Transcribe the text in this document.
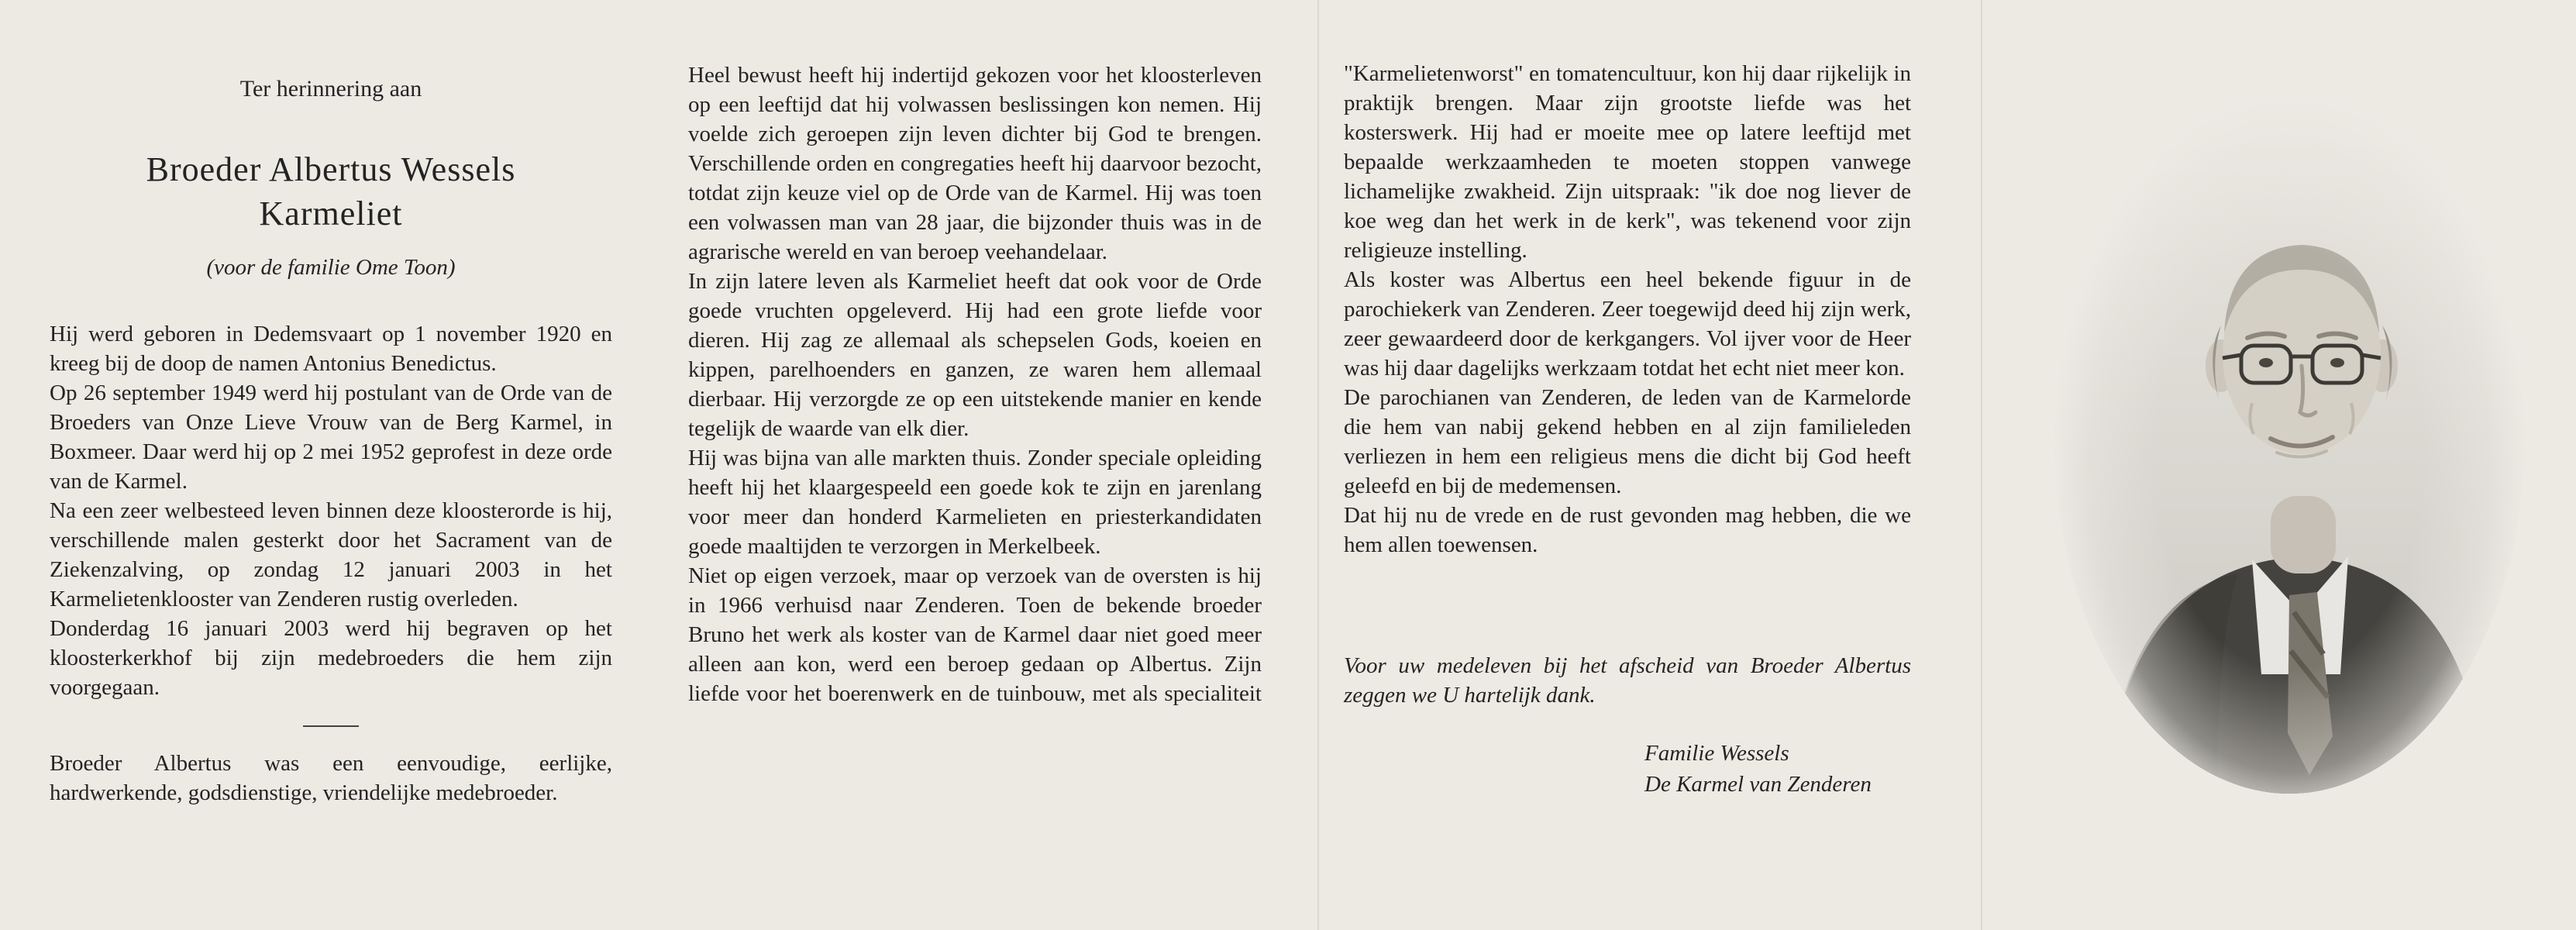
Ter herinnering aan
Broeder Albertus Wessels
Karmeliet
(voor de familie Ome Toon)

Hij werd geboren in Dedemsvaart op 1 november 1920 en kreeg bij de doop de namen Antonius Benedictus.

Op 26 september 1949 werd hij postulant van de Orde van de Broeders van Onze Lieve Vrouw van de Berg Karmel, in Boxmeer. Daar werd hij op 2 mei 1952 geprofest in deze orde van de Karmel.

Na een zeer welbesteed leven binnen deze kloosterorde is hij, verschillende malen gesterkt door het Sacrament van de Ziekenzalving, op zondag 12 januari 2003 in het Karmelietenklooster van Zenderen rustig overleden.

Donderdag 16 januari 2003 werd hij begraven op het kloosterkerkhof bij zijn medebroeders die hem zijn voorgegaan.

Broeder Albertus was een eenvoudige, eerlijke, hardwerkende, godsdienstige, vriendelijke medebroeder.

Heel bewust heeft hij indertijd gekozen voor het kloosterleven op een leeftijd dat hij volwassen beslissingen kon nemen. Hij voelde zich geroepen zijn leven dichter bij God te brengen. Verschillende orden en congregaties heeft hij daarvoor bezocht, totdat zijn keuze viel op de Orde van de Karmel. Hij was toen een volwassen man van 28 jaar, die bijzonder thuis was in de agrarische wereld en van beroep veehandelaar.

In zijn latere leven als Karmeliet heeft dat ook voor de Orde goede vruchten opgeleverd. Hij had een grote liefde voor dieren. Hij zag ze allemaal als schepselen Gods, koeien en kippen, parelhoenders en ganzen, ze waren hem allemaal dierbaar. Hij verzorgde ze op een uitstekende manier en kende tegelijk de waarde van elk dier.

Hij was bijna van alle markten thuis. Zonder speciale opleiding heeft hij het klaargespeeld een goede kok te zijn en jarenlang voor meer dan honderd Karmelieten en priesterkandidaten goede maaltijden te verzorgen in Merkelbeek.

Niet op eigen verzoek, maar op verzoek van de oversten is hij in 1966 verhuisd naar Zenderen. Toen de bekende broeder Bruno het werk als koster van de Karmel daar niet goed meer alleen aan kon, werd een beroep gedaan op Albertus. Zijn liefde voor het boerenwerk en de tuinbouw, met als specialiteit

"Karmelietenworst" en tomatencultuur, kon hij daar rijkelijk in praktijk brengen. Maar zijn grootste liefde was het kosterswerk. Hij had er moeite mee op latere leeftijd met bepaalde werkzaamheden te moeten stoppen vanwege lichamelijke zwakheid. Zijn uitspraak: "ik doe nog liever de koe weg dan het werk in de kerk", was tekenend voor zijn religieuze instelling.

Als koster was Albertus een heel bekende figuur in de parochiekerk van Zenderen. Zeer toegewijd deed hij zijn werk, zeer gewaardeerd door de kerkgangers. Vol ijver voor de Heer was hij daar dagelijks werkzaam totdat het echt niet meer kon.

De parochianen van Zenderen, de leden van de Karmelorde die hem van nabij gekend hebben en al zijn familieleden verliezen in hem een religieus mens die dicht bij God heeft geleefd en bij de medemensen.

Dat hij nu de vrede en de rust gevonden mag hebben, die we hem allen toewensen.

Voor uw medeleven bij het afscheid van Broeder Albertus zeggen we U hartelijk dank.

Familie Wessels
De Karmel van Zenderen
